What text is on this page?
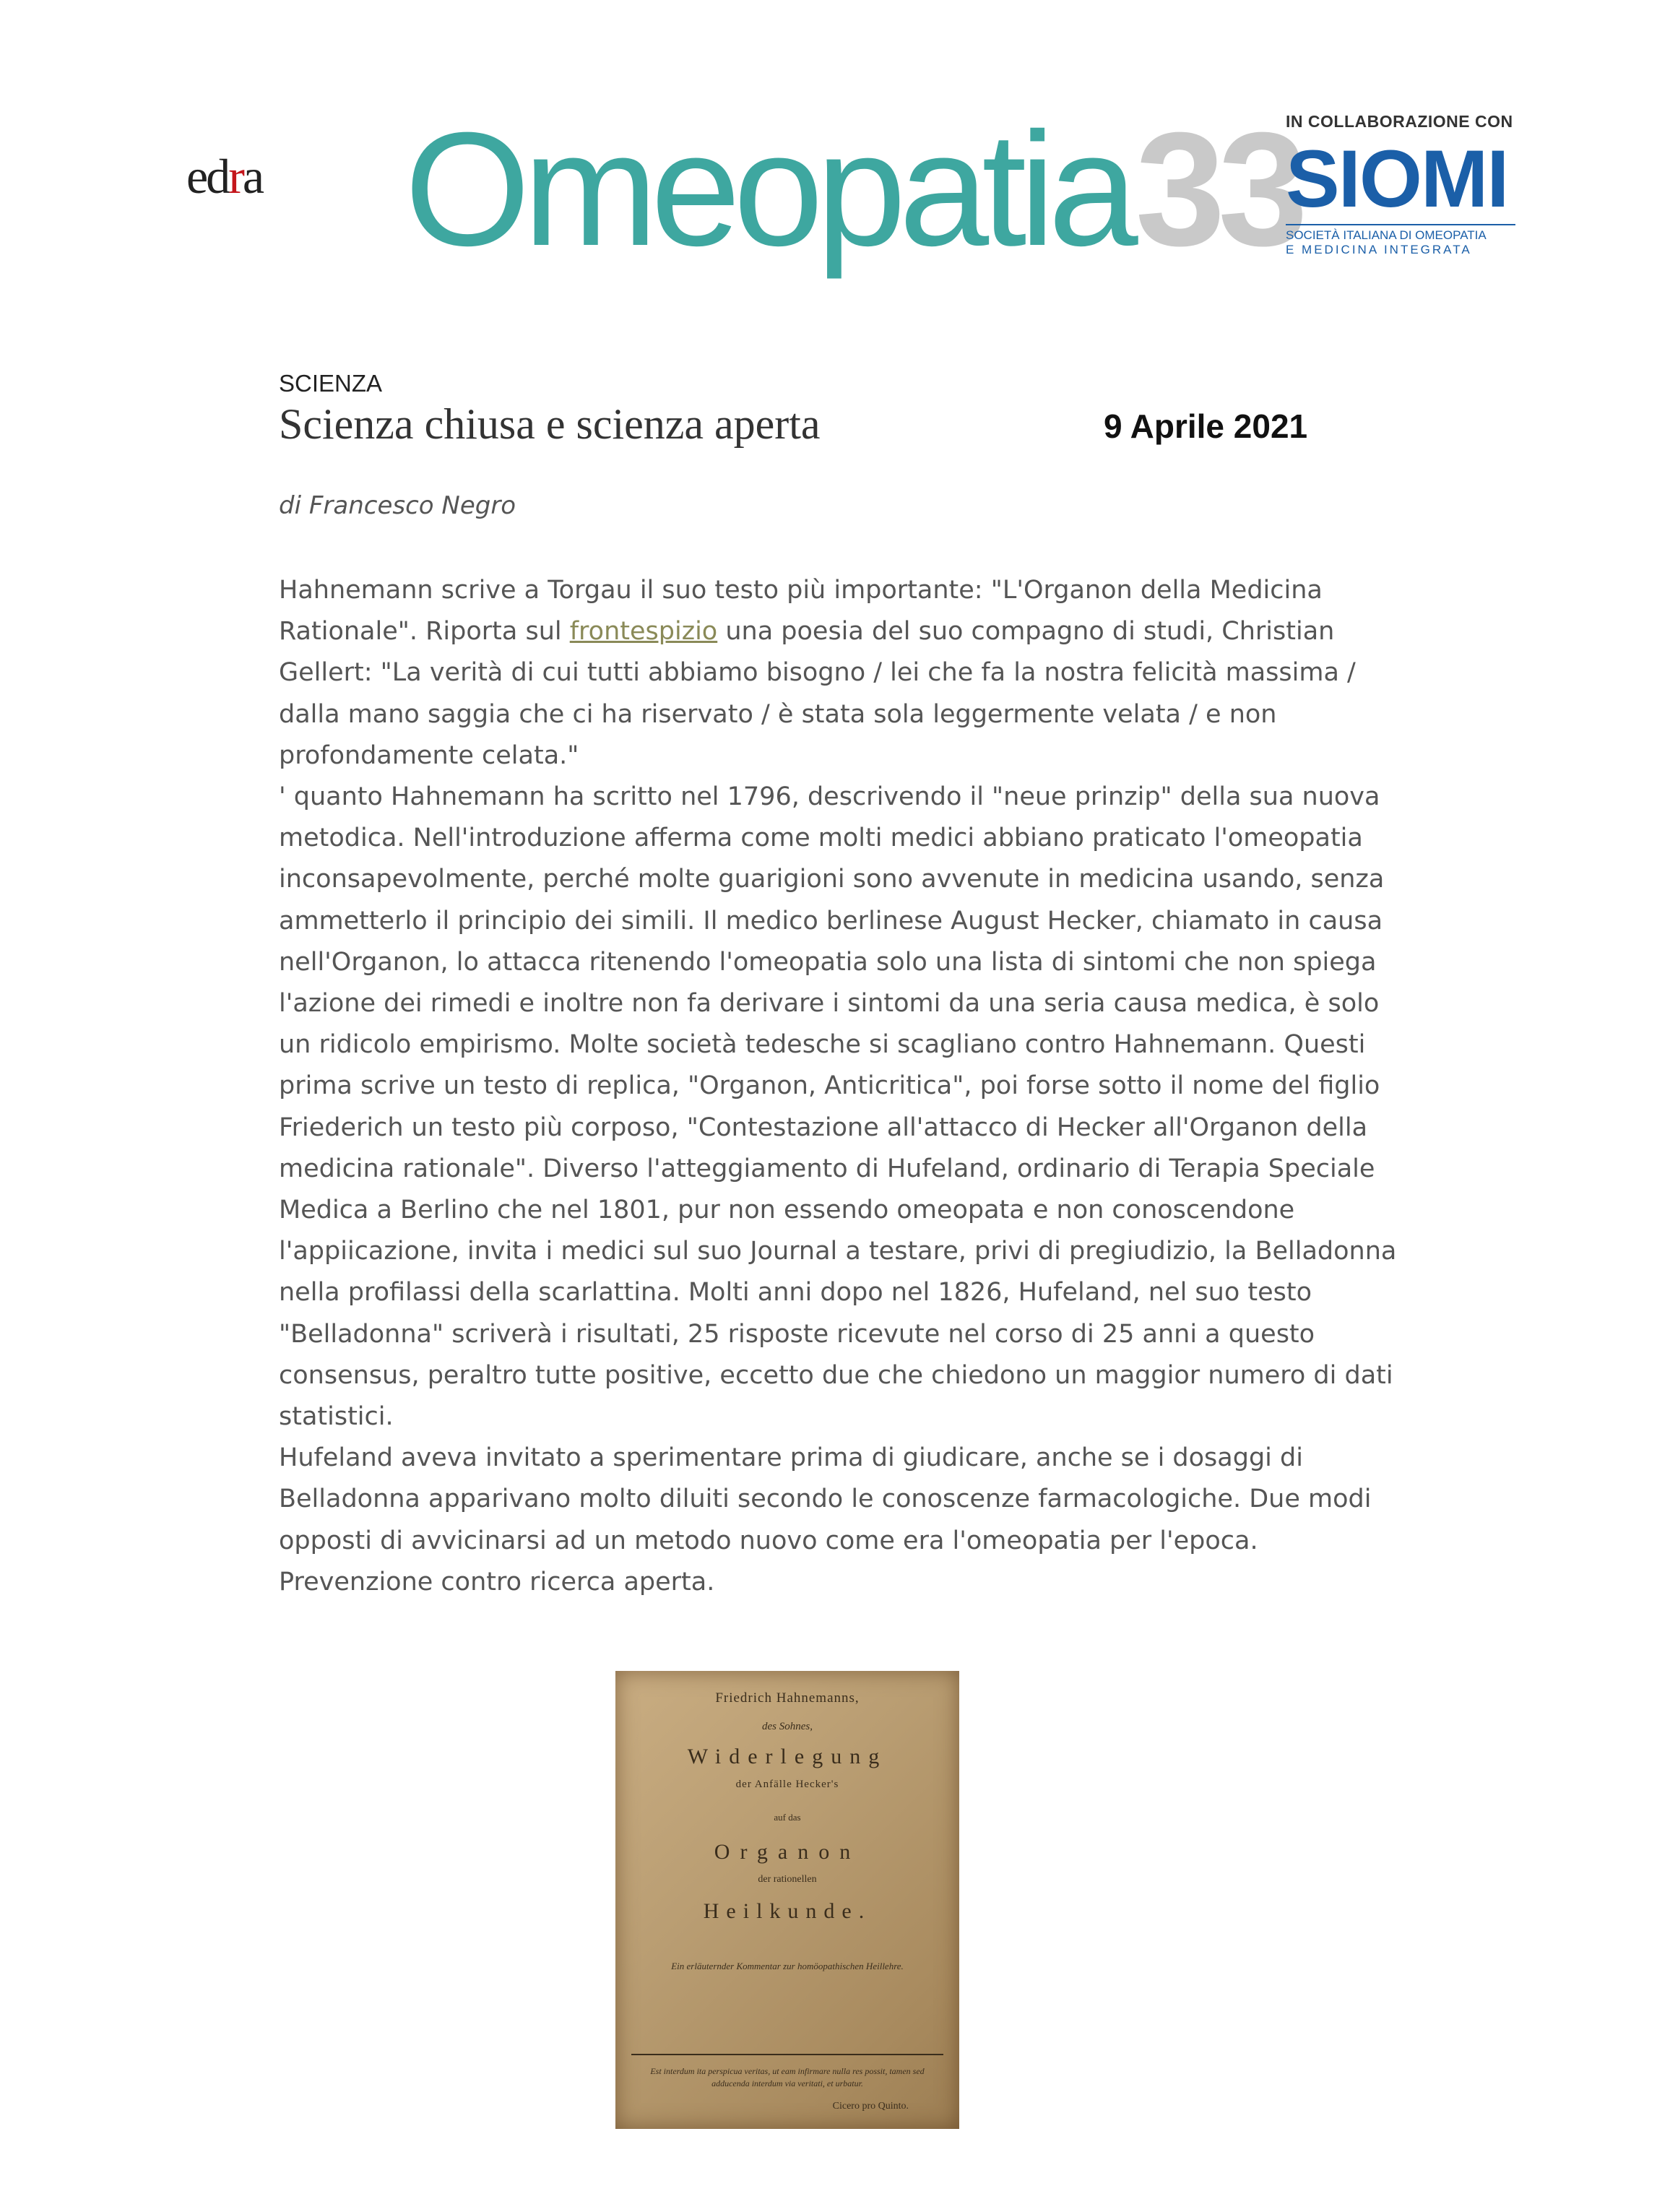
edra Omeopatia33
IN COLLABORAZIONE CON
SIOMI
SOCIETÀ ITALIANA DI OMEOPATIA
E MEDICINA INTEGRATA
SCIENZA
Scienza chiusa e scienza aperta	9 Aprile 2021
di Francesco Negro

Hahnemann scrive a Torgau il suo testo più importante: "L'Organon della Medicina Rationale". Riporta sul frontespizio una poesia del suo compagno di studi, Christian Gellert: "La verità di cui tutti abbiamo bisogno / lei che fa la nostra felicità massima / dalla mano saggia che ci ha riservato / è stata sola leggermente velata / e non profondamente celata."

' quanto Hahnemann ha scritto nel 1796, descrivendo il "neue prinzip" della sua nuova metodica. Nell'introduzione afferma come molti medici abbiano praticato l'omeopatia inconsapevolmente, perché molte guarigioni sono avvenute in medicina usando, senza ammetterlo il principio dei simili. Il medico berlinese August Hecker, chiamato in causa nell'Organon, lo attacca ritenendo l'omeopatia solo una lista di sintomi che non spiega l'azione dei rimedi e inoltre non fa derivare i sintomi da una seria causa medica, è solo un ridicolo empirismo. Molte società tedesche si scagliano contro Hahnemann. Questi prima scrive un testo di replica, "Organon, Anticritica", poi forse sotto il nome del figlio Friederich un testo più corposo, "Contestazione all'attacco di Hecker all'Organon della medicina rationale". Diverso l'atteggiamento di Hufeland, ordinario di Terapia Speciale Medica a Berlino che nel 1801, pur non essendo omeopata e non conoscendone l'appiicazione, invita i medici sul suo Journal a testare, privi di pregiudizio, la Belladonna nella profilassi della scarlattina. Molti anni dopo nel 1826, Hufeland, nel suo testo "Belladonna" scriverà i risultati, 25 risposte ricevute nel corso di 25 anni a questo consensus, peraltro tutte positive, eccetto due che chiedono un maggior numero di dati statistici.

Hufeland aveva invitato a sperimentare prima di giudicare, anche se i dosaggi di Belladonna apparivano molto diluiti secondo le conoscenze farmacologiche. Due modi opposti di avvicinarsi ad un metodo nuovo come era l'omeopatia per l'epoca. Prevenzione contro ricerca aperta.

Friedrich Hahnemanns,
des Sohnes,
Widerlegung
der Anfälle Hecker's
auf das
Organon
der rationellen
Heilkunde.
Ein erläuternder Kommentar zur homöopathischen Heillehre.
Est interdum ita perspicua veritas, ut eam infirmare nulla res possit, tamen sed adducenda interdum via veritati, et urbatur.
Cicero pro Quinto.
